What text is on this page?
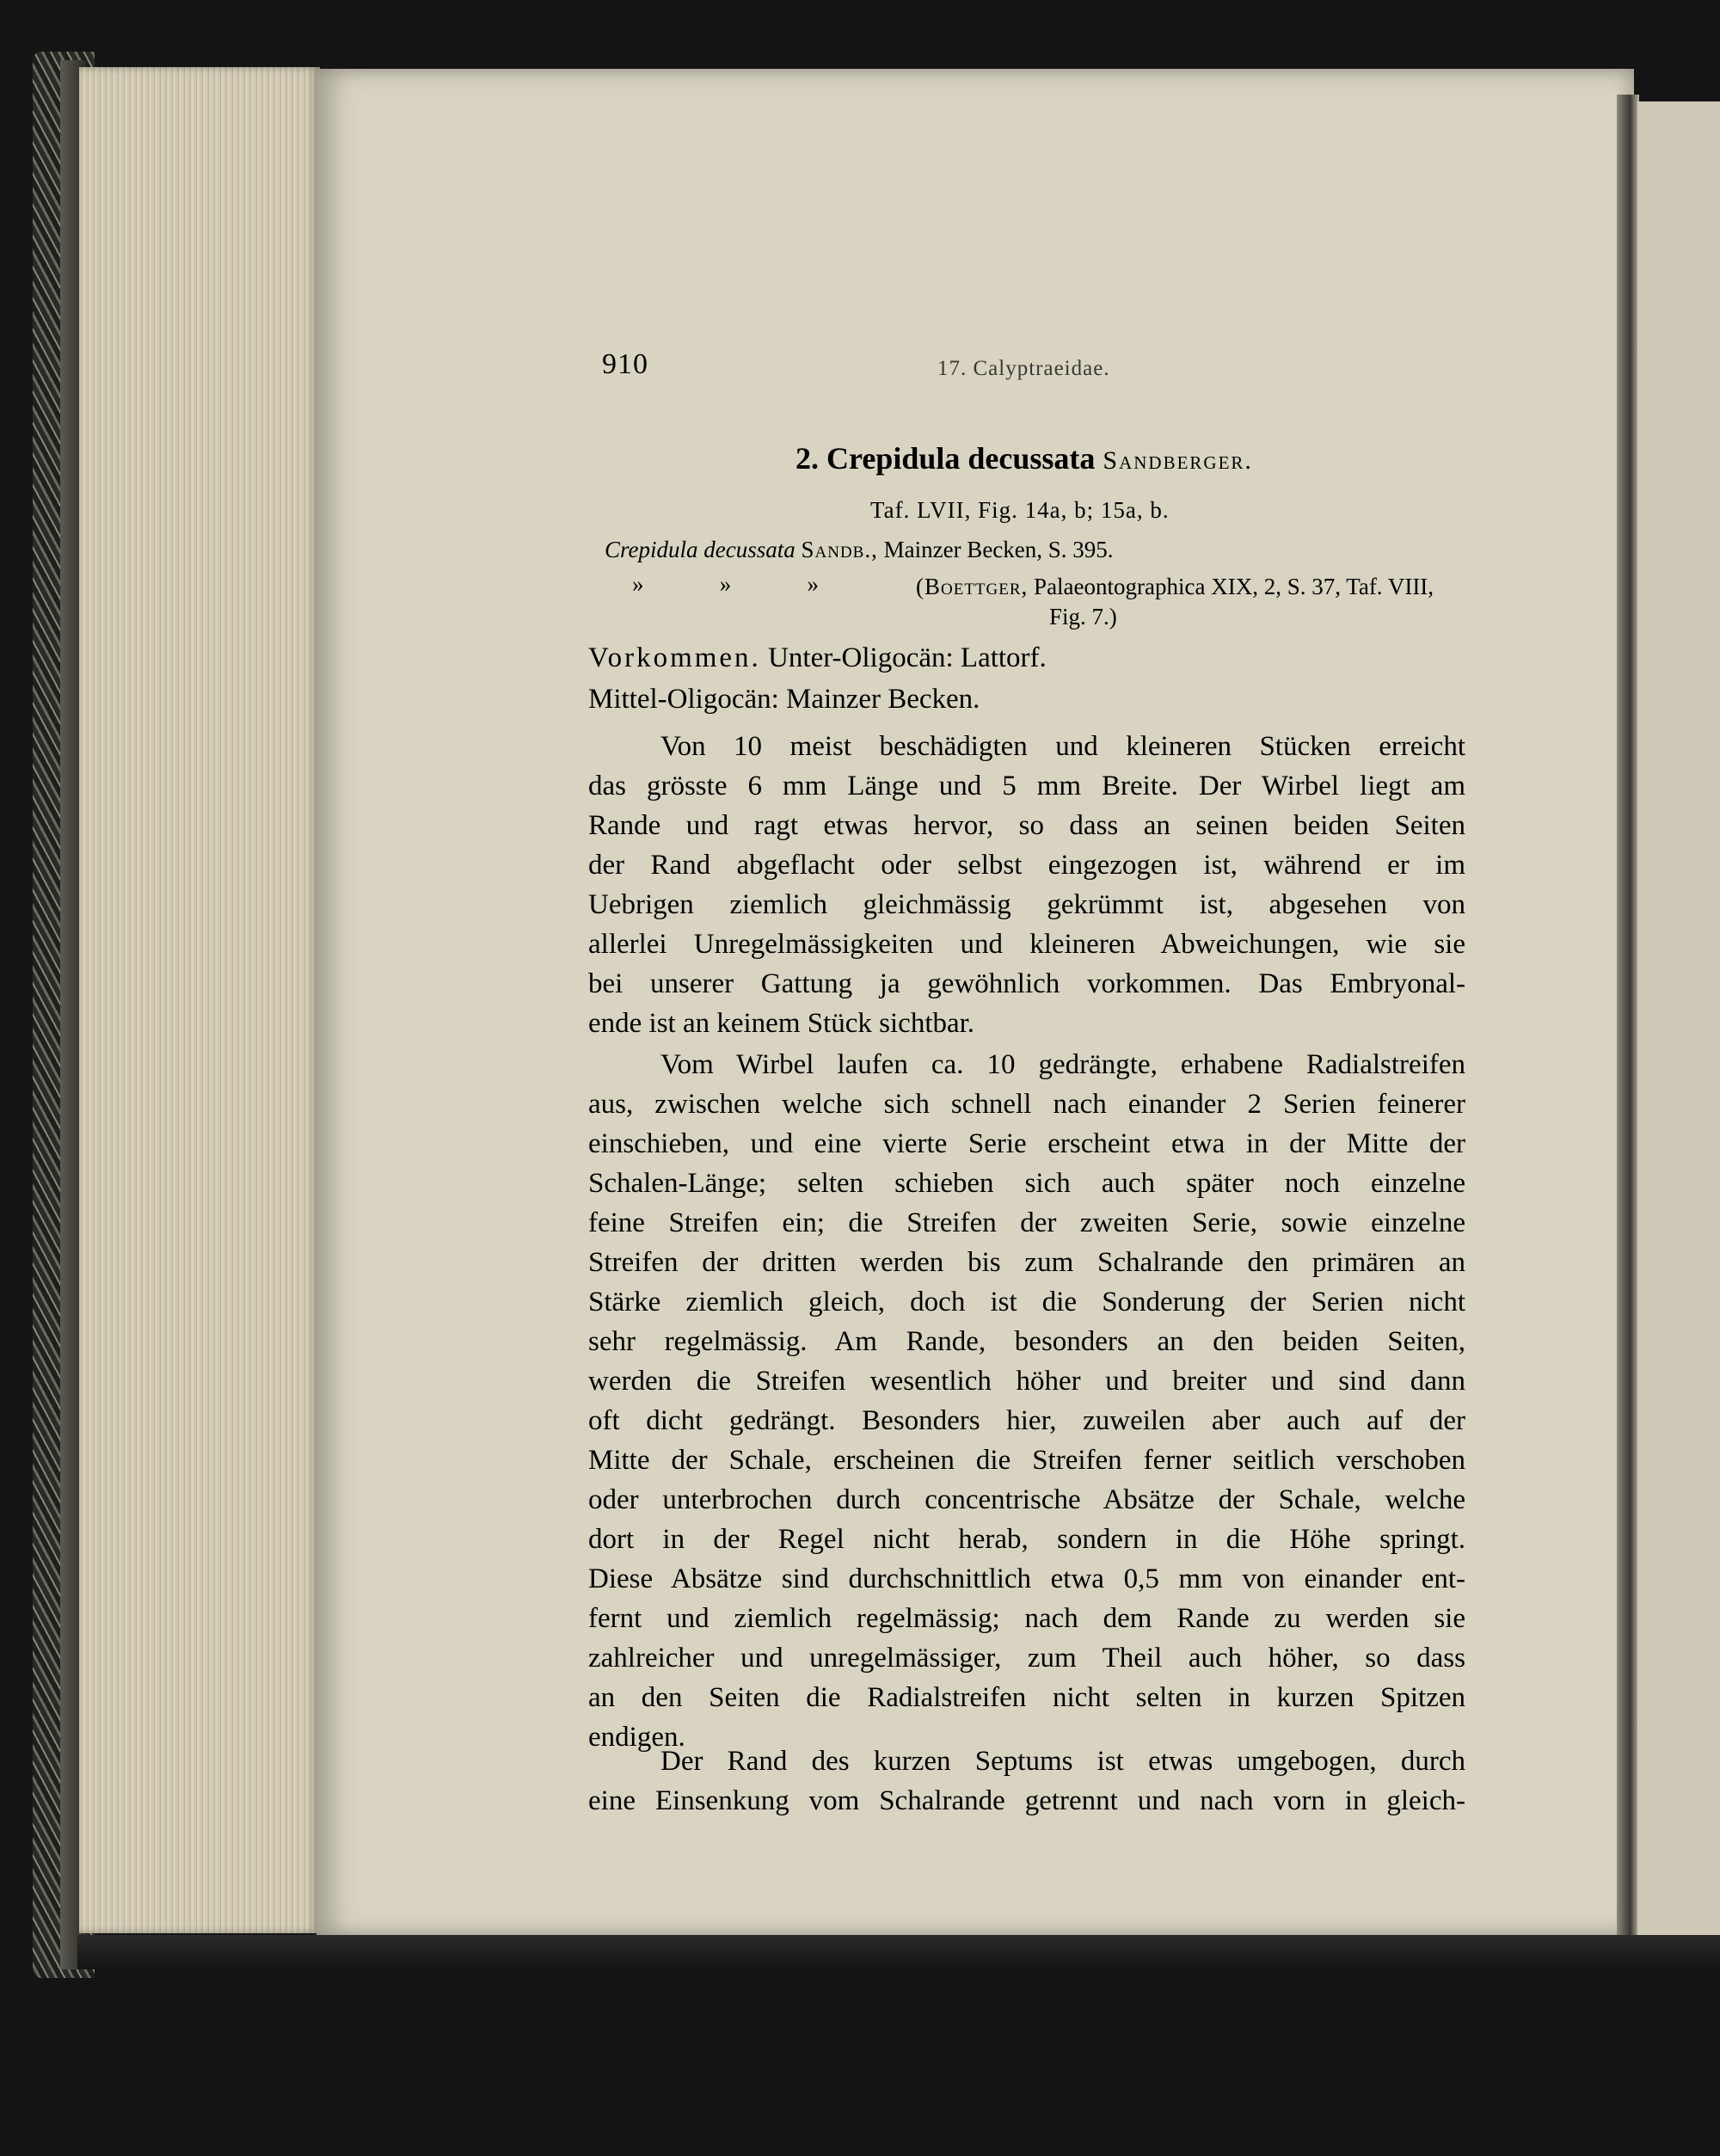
910	17. Calyptraeidae.
2. Crepidula decussata Sandberger.
Taf. LVII, Fig. 14a, b; 15a, b.
Crepidula decussata Sandb., Mainzer Becken, S. 395.
»	»	»	(Boettger, Palaeontographica XIX, 2, S. 37, Taf. VIII,
Fig. 7.)
Vorkommen. Unter-Oligocän: Lattorf.
Mittel-Oligocän: Mainzer Becken.
Von 10 meist beschädigten und kleineren Stücken erreicht
das grösste 6 mm Länge und 5 mm Breite. Der Wirbel liegt am
Rande und ragt etwas hervor, so dass an seinen beiden Seiten
der Rand abgeflacht oder selbst eingezogen ist, während er im
Uebrigen ziemlich gleichmässig gekrümmt ist, abgesehen von
allerlei Unregelmässigkeiten und kleineren Abweichungen, wie sie
bei unserer Gattung ja gewöhnlich vorkommen. Das Embryonal-
ende ist an keinem Stück sichtbar.
Vom Wirbel laufen ca. 10 gedrängte, erhabene Radialstreifen
aus, zwischen welche sich schnell nach einander 2 Serien feinerer
einschieben, und eine vierte Serie erscheint etwa in der Mitte der
Schalen-Länge; selten schieben sich auch später noch einzelne
feine Streifen ein; die Streifen der zweiten Serie, sowie einzelne
Streifen der dritten werden bis zum Schalrande den primären an
Stärke ziemlich gleich, doch ist die Sonderung der Serien nicht
sehr regelmässig. Am Rande, besonders an den beiden Seiten,
werden die Streifen wesentlich höher und breiter und sind dann
oft dicht gedrängt. Besonders hier, zuweilen aber auch auf der
Mitte der Schale, erscheinen die Streifen ferner seitlich verschoben
oder unterbrochen durch concentrische Absätze der Schale, welche
dort in der Regel nicht herab, sondern in die Höhe springt.
Diese Absätze sind durchschnittlich etwa 0,5 mm von einander ent-
fernt und ziemlich regelmässig; nach dem Rande zu werden sie
zahlreicher und unregelmässiger, zum Theil auch höher, so dass
an den Seiten die Radialstreifen nicht selten in kurzen Spitzen
endigen.
Der Rand des kurzen Septums ist etwas umgebogen, durch
eine Einsenkung vom Schalrande getrennt und nach vorn in gleich-
